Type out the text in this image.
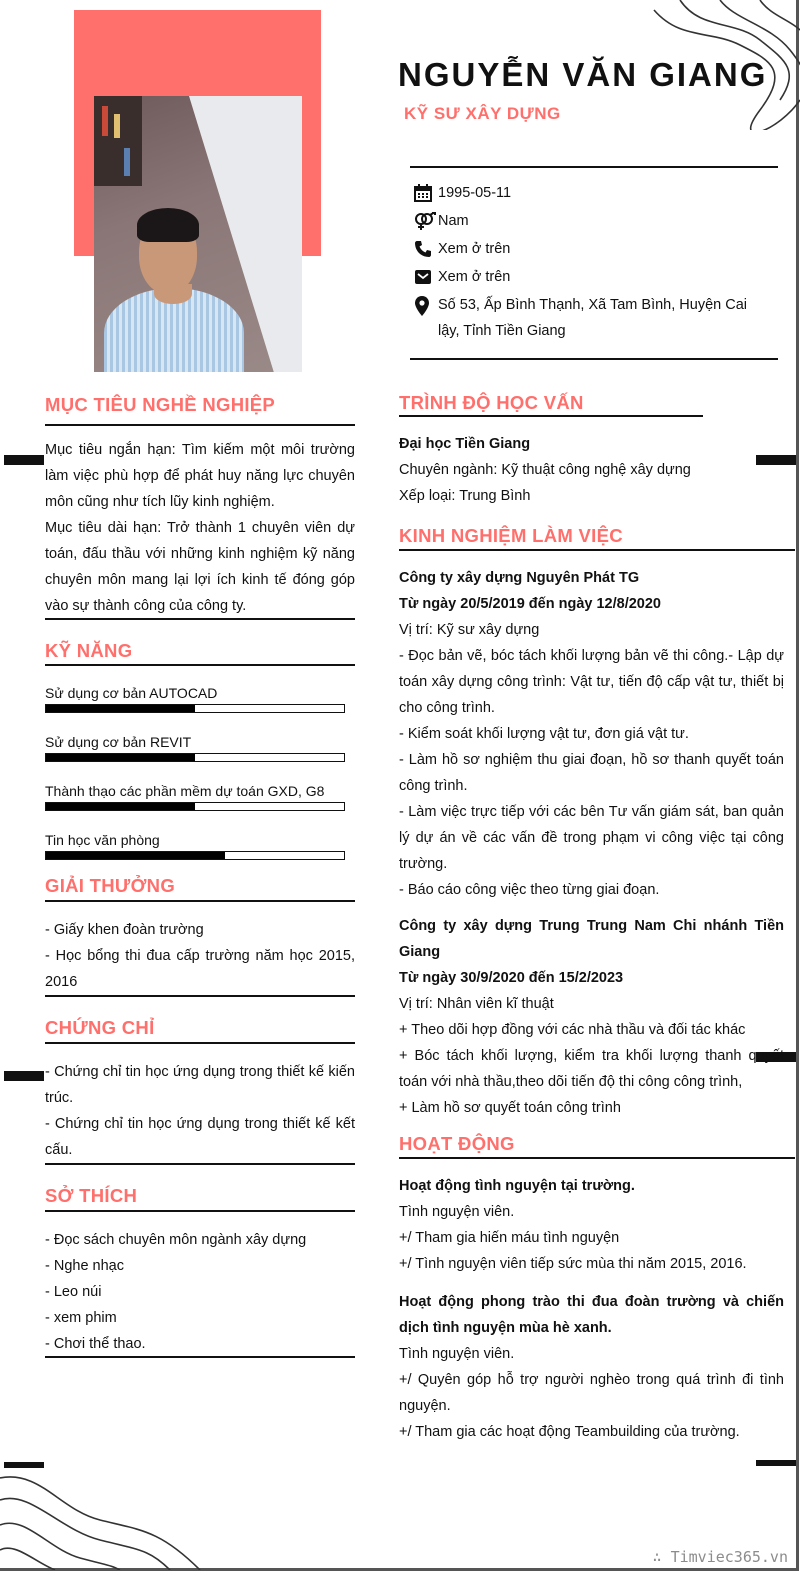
NGUYỄN VĂN GIANG
KỸ SƯ XÂY DỰNG
1995-05-11
Nam
Xem ở trên
Xem ở trên
Số 53, Ấp Bình Thạnh, Xã Tam Bình, Huyện Cai lậy, Tỉnh Tiền Giang
MỤC TIÊU NGHỀ NGHIỆP

Mục tiêu ngắn hạn: Tìm kiếm một môi trường làm việc phù hợp để phát huy năng lực chuyên môn cũng như tích lũy kinh nghiệm.

Mục tiêu dài hạn: Trở thành 1 chuyên viên dự toán, đấu thầu với những kinh nghiệm kỹ năng chuyên môn mang lại lợi ích kinh tế đóng góp vào sự thành công của công ty.

KỸ NĂNG
Sử dụng cơ bản AUTOCAD
Sử dụng cơ bản REVIT
Thành thạo các phần mềm dự toán GXD, G8
Tin học văn phòng
GIẢI THƯỞNG

- Giấy khen đoàn trường

- Học bổng thi đua cấp trường năm học 2015, 2016

CHỨNG CHỈ

- Chứng chỉ tin học ứng dụng trong thiết kế kiến trúc.

- Chứng chỉ tin học ứng dụng trong thiết kế kết cấu.

SỞ THÍCH

- Đọc sách chuyên môn ngành xây dựng

- Nghe nhạc

- Leo núi

- xem phim

- Chơi thể thao.

TRÌNH ĐỘ HỌC VẤN

Đại học Tiền Giang

Chuyên ngành: Kỹ thuật công nghệ xây dựng

Xếp loại: Trung Bình

KINH NGHIỆM LÀM VIỆC

Công ty xây dựng Nguyên Phát TG

Từ ngày 20/5/2019 đến ngày 12/8/2020

Vị trí: Kỹ sư xây dựng

- Đọc bản vẽ, bóc tách khối lượng bản vẽ thi công.- Lập dự toán xây dựng công trình: Vật tư, tiến độ cấp vật tư, thiết bị cho công trình.

- Kiểm soát khối lượng vật tư, đơn giá vật tư.

- Làm hồ sơ nghiệm thu giai đoạn, hồ sơ thanh quyết toán công trình.

- Làm việc trực tiếp với các bên Tư vấn giám sát, ban quản lý dự án về các vấn đề trong phạm vi công việc tại công trường.

- Báo cáo công việc theo từng giai đoạn.

Công ty xây dựng Trung Trung Nam Chi nhánh Tiền Giang

Từ ngày 30/9/2020 đến 15/2/2023

Vị trí: Nhân viên kĩ thuật

+ Theo dõi hợp đồng với các nhà thầu và đối tác khác

+ Bóc tách khối lượng, kiểm tra khối lượng thanh quyết toán với nhà thầu,theo dõi tiến độ thi công công trình,

+ Làm hồ sơ quyết toán công trình

HOẠT ĐỘNG

Hoạt động tình nguyện tại trường.

Tình nguyện viên.

+/ Tham gia hiến máu tình nguyện

+/ Tình nguyện viên tiếp sức mùa thi năm 2015, 2016.

Hoạt động phong trào thi đua đoàn trường và chiến dịch tình nguyện mùa hè xanh.

Tình nguyện viên.

+/ Quyên góp hỗ trợ người nghèo trong quá trình đi tình nguyện.

+/ Tham gia các hoạt động Teambuilding của trường.

∴ Timviec365.vn
